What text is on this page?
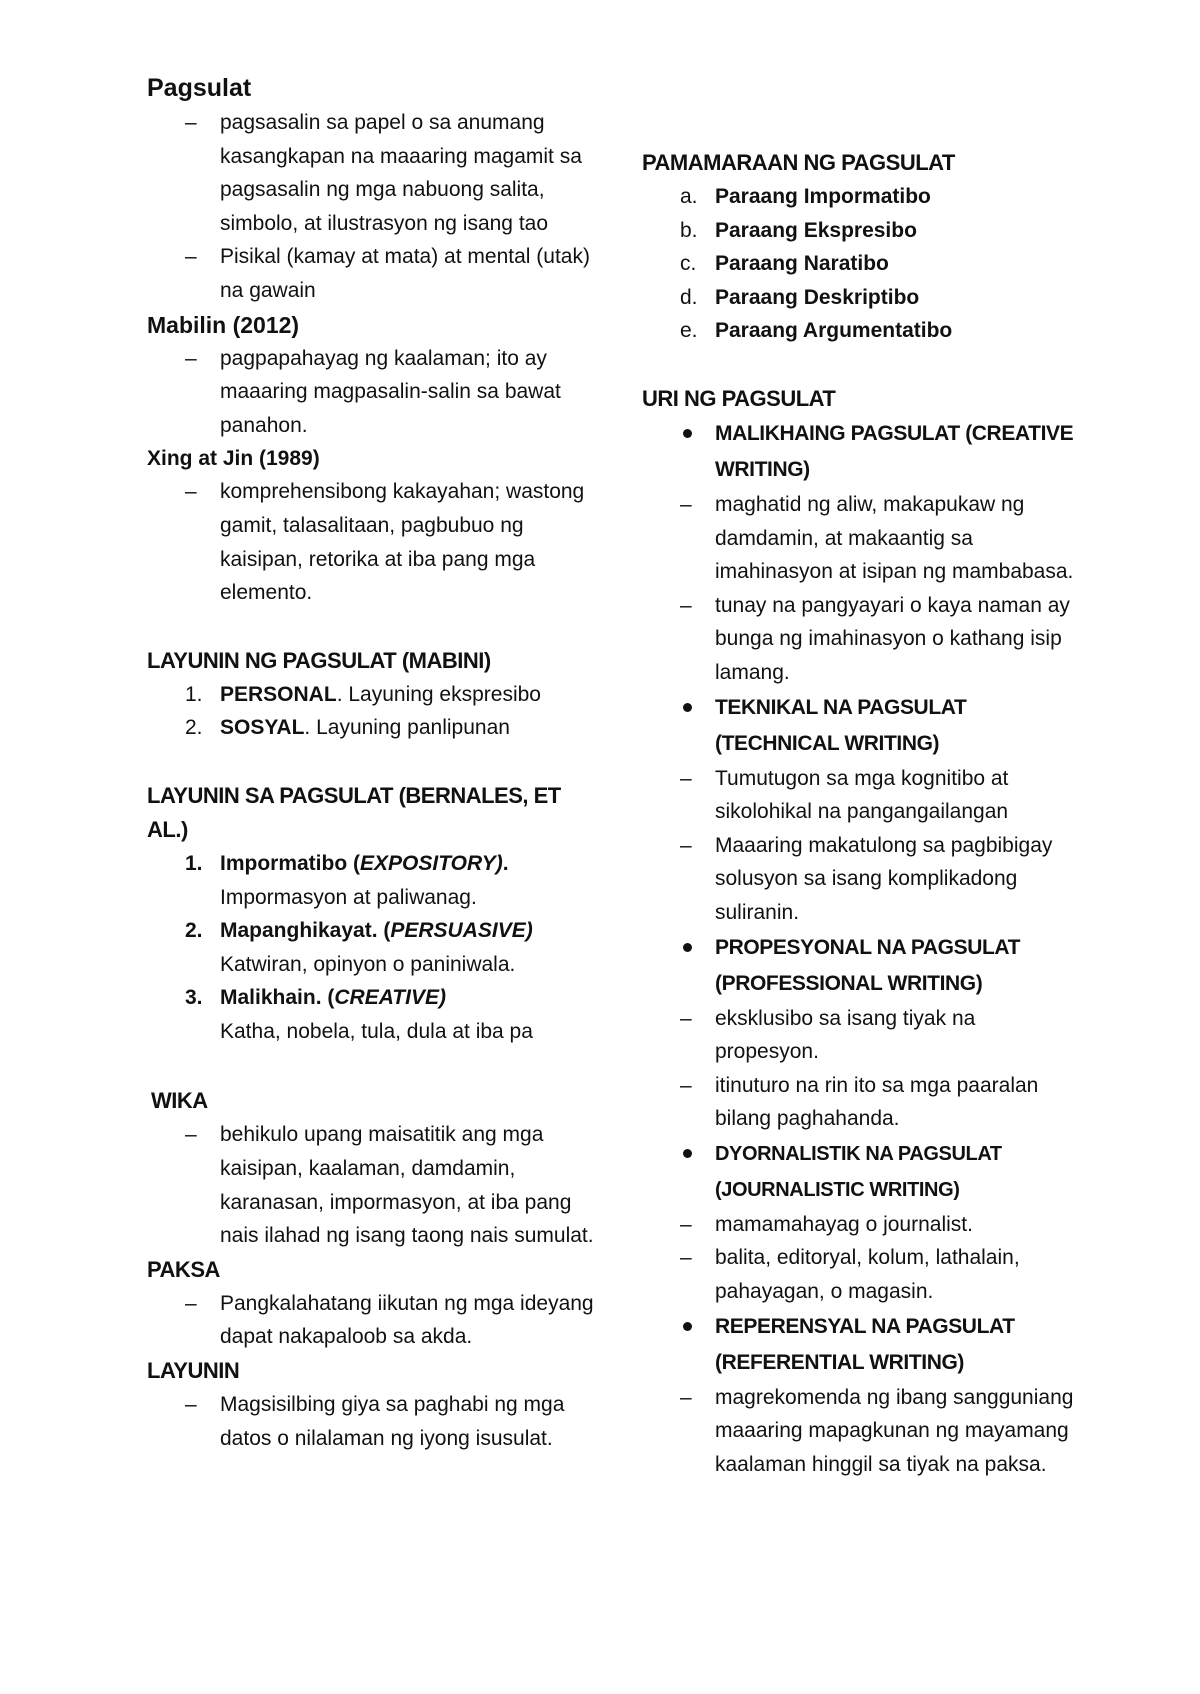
Pagsulat
– pagsasalin sa papel o sa anumang kasangkapan na maaaring magamit sa pagsasalin ng mga nabuong salita, simbolo, at ilustrasyon ng isang tao
– Pisikal (kamay at mata) at mental (utak) na gawain
Mabilin (2012)
– pagpapahayag ng kaalaman; ito ay maaaring magpasalin-salin sa bawat panahon.
Xing at Jin (1989)
– komprehensibong kakayahan; wastong gamit, talasalitaan, pagbubuo ng kaisipan, retorika at iba pang mga elemento.
LAYUNIN NG PAGSULAT (MABINI)
1. PERSONAL. Layuning ekspresibo
2. SOSYAL. Layuning panlipunan
LAYUNIN SA PAGSULAT (BERNALES, ET AL.)
1. Impormatibo (EXPOSITORY).
Impormasyon at paliwanag.
2. Mapanghikayat. (PERSUASIVE)
Katwiran, opinyon o paniniwala.
3. Malikhain. (CREATIVE)
Katha, nobela, tula, dula at iba pa
WIKA
– behikulo upang maisatitik ang mga kaisipan, kaalaman, damdamin, karanasan, impormasyon, at iba pang nais ilahad ng isang taong nais sumulat.
PAKSA
– Pangkalahatang iikutan ng mga ideyang dapat nakapaloob sa akda.
LAYUNIN
– Magsisilbing giya sa paghabi ng mga datos o nilalaman ng iyong isusulat.
PAMAMARAAN NG PAGSULAT
a. Paraang Impormatibo
b. Paraang Ekspresibo
c. Paraang Naratibo
d. Paraang Deskriptibo
e. Paraang Argumentatibo
URI NG PAGSULAT
MALIKHAING PAGSULAT (CREATIVE WRITING)
– maghatid ng aliw, makapukaw ng damdamin, at makaantig sa imahinasyon at isipan ng mambabasa.
– tunay na pangyayari o kaya naman ay bunga ng imahinasyon o kathang isip lamang.
TEKNIKAL NA PAGSULAT (TECHNICAL WRITING)
– Tumutugon sa mga kognitibo at sikolohikal na pangangailangan
– Maaaring makatulong sa pagbibigay solusyon sa isang komplikadong suliranin.
PROPESYONAL NA PAGSULAT (PROFESSIONAL WRITING)
– eksklusibo sa isang tiyak na propesyon.
– itinuturo na rin ito sa mga paaralan bilang paghahanda.
DYORNALISTIK NA PAGSULAT (JOURNALISTIC WRITING)
– mamamahayag o journalist.
– balita, editoryal, kolum, lathalain, pahayagan, o magasin.
REPERENSYAL NA PAGSULAT (REFERENTIAL WRITING)
– magrekomenda ng ibang sangguniang maaaring mapagkunan ng mayamang kaalaman hinggil sa tiyak na paksa.
